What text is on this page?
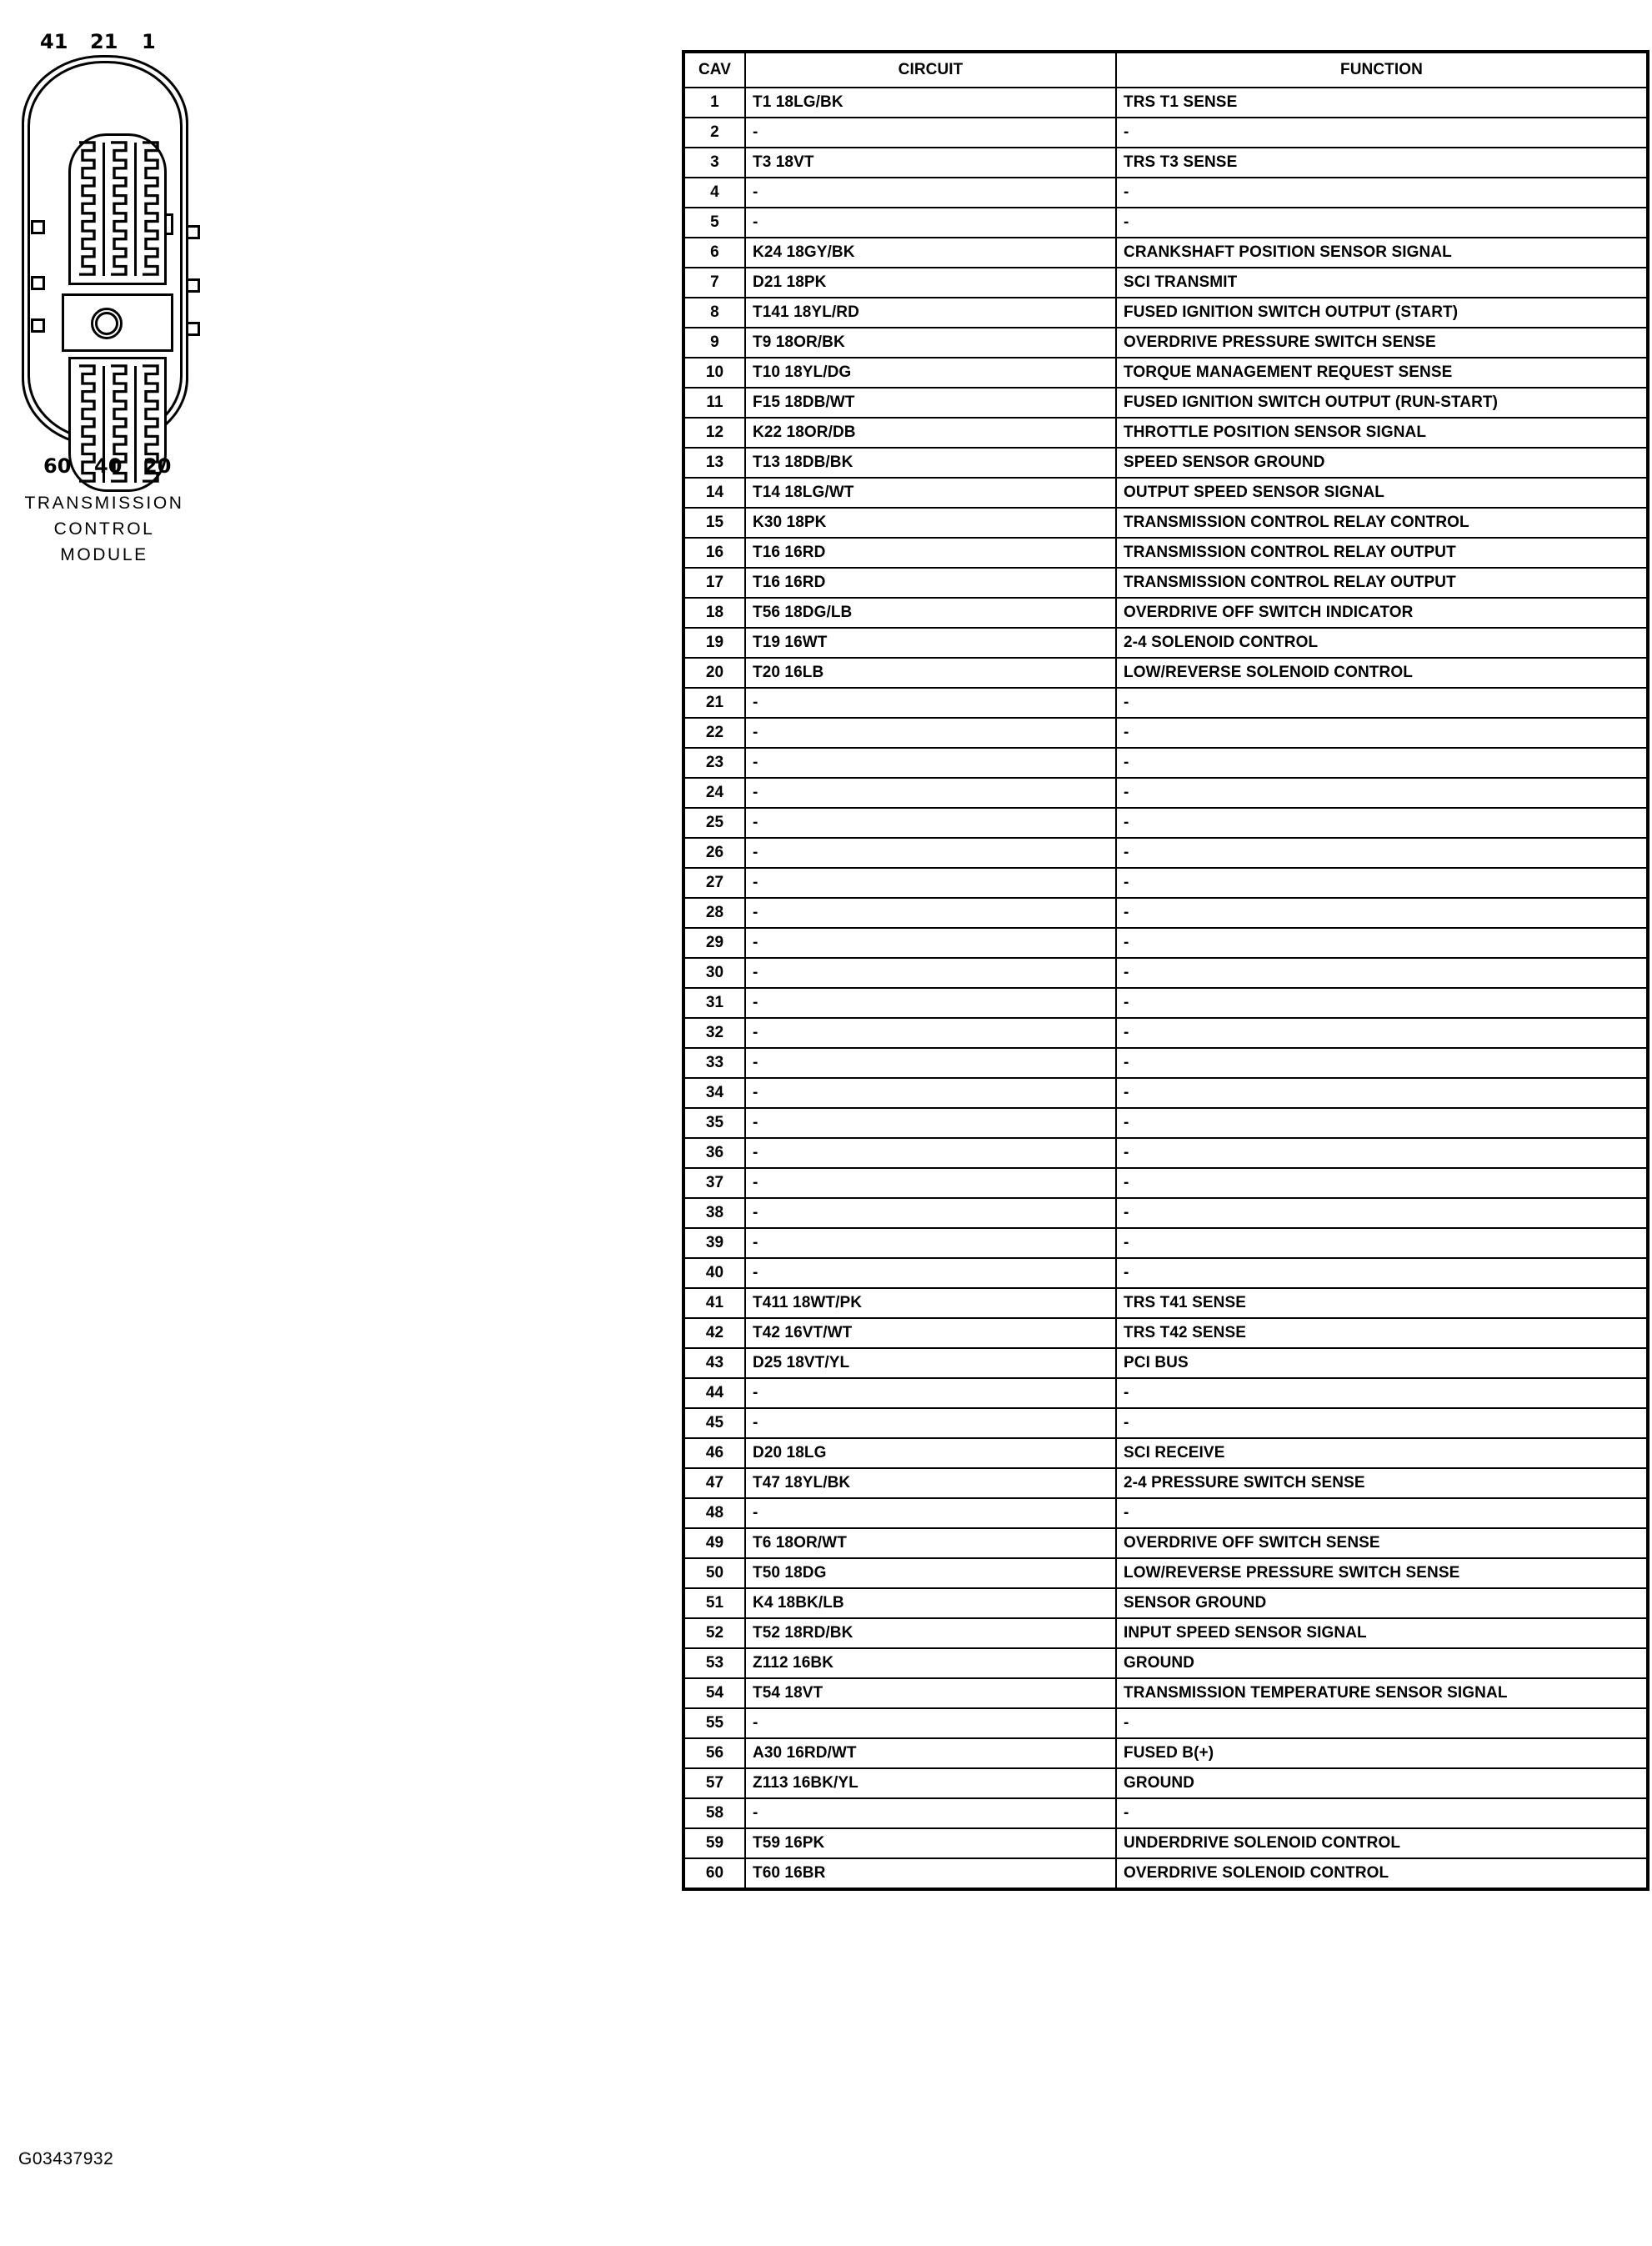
41 21 1
60 40 20
TRANSMISSION
CONTROL
MODULE
G03437932
CAV	CIRCUIT	FUNCTION
1	T1 18LG/BK	TRS T1 SENSE
2	-	-
3	T3 18VT	TRS T3 SENSE
4	-	-
5	-	-
6	K24 18GY/BK	CRANKSHAFT POSITION SENSOR SIGNAL
7	D21 18PK	SCI TRANSMIT
8	T141 18YL/RD	FUSED IGNITION SWITCH OUTPUT (START)
9	T9 18OR/BK	OVERDRIVE PRESSURE SWITCH SENSE
10	T10 18YL/DG	TORQUE MANAGEMENT REQUEST SENSE
11	F15 18DB/WT	FUSED IGNITION SWITCH OUTPUT (RUN-START)
12	K22 18OR/DB	THROTTLE POSITION SENSOR SIGNAL
13	T13 18DB/BK	SPEED SENSOR GROUND
14	T14 18LG/WT	OUTPUT SPEED SENSOR SIGNAL
15	K30 18PK	TRANSMISSION CONTROL RELAY CONTROL
16	T16 16RD	TRANSMISSION CONTROL RELAY OUTPUT
17	T16 16RD	TRANSMISSION CONTROL RELAY OUTPUT
18	T56 18DG/LB	OVERDRIVE OFF SWITCH INDICATOR
19	T19 16WT	2-4 SOLENOID CONTROL
20	T20 16LB	LOW/REVERSE SOLENOID CONTROL
21	-	-
22	-	-
23	-	-
24	-	-
25	-	-
26	-	-
27	-	-
28	-	-
29	-	-
30	-	-
31	-	-
32	-	-
33	-	-
34	-	-
35	-	-
36	-	-
37	-	-
38	-	-
39	-	-
40	-	-
41	T411 18WT/PK	TRS T41 SENSE
42	T42 16VT/WT	TRS T42 SENSE
43	D25 18VT/YL	PCI BUS
44	-	-
45	-	-
46	D20 18LG	SCI RECEIVE
47	T47 18YL/BK	2-4 PRESSURE SWITCH SENSE
48	-	-
49	T6 18OR/WT	OVERDRIVE OFF SWITCH SENSE
50	T50 18DG	LOW/REVERSE PRESSURE SWITCH SENSE
51	K4 18BK/LB	SENSOR GROUND
52	T52 18RD/BK	INPUT SPEED SENSOR SIGNAL
53	Z112 16BK	GROUND
54	T54 18VT	TRANSMISSION TEMPERATURE SENSOR SIGNAL
55	-	-
56	A30 16RD/WT	FUSED B(+)
57	Z113 16BK/YL	GROUND
58	-	-
59	T59 16PK	UNDERDRIVE SOLENOID CONTROL
60	T60 16BR	OVERDRIVE SOLENOID CONTROL
